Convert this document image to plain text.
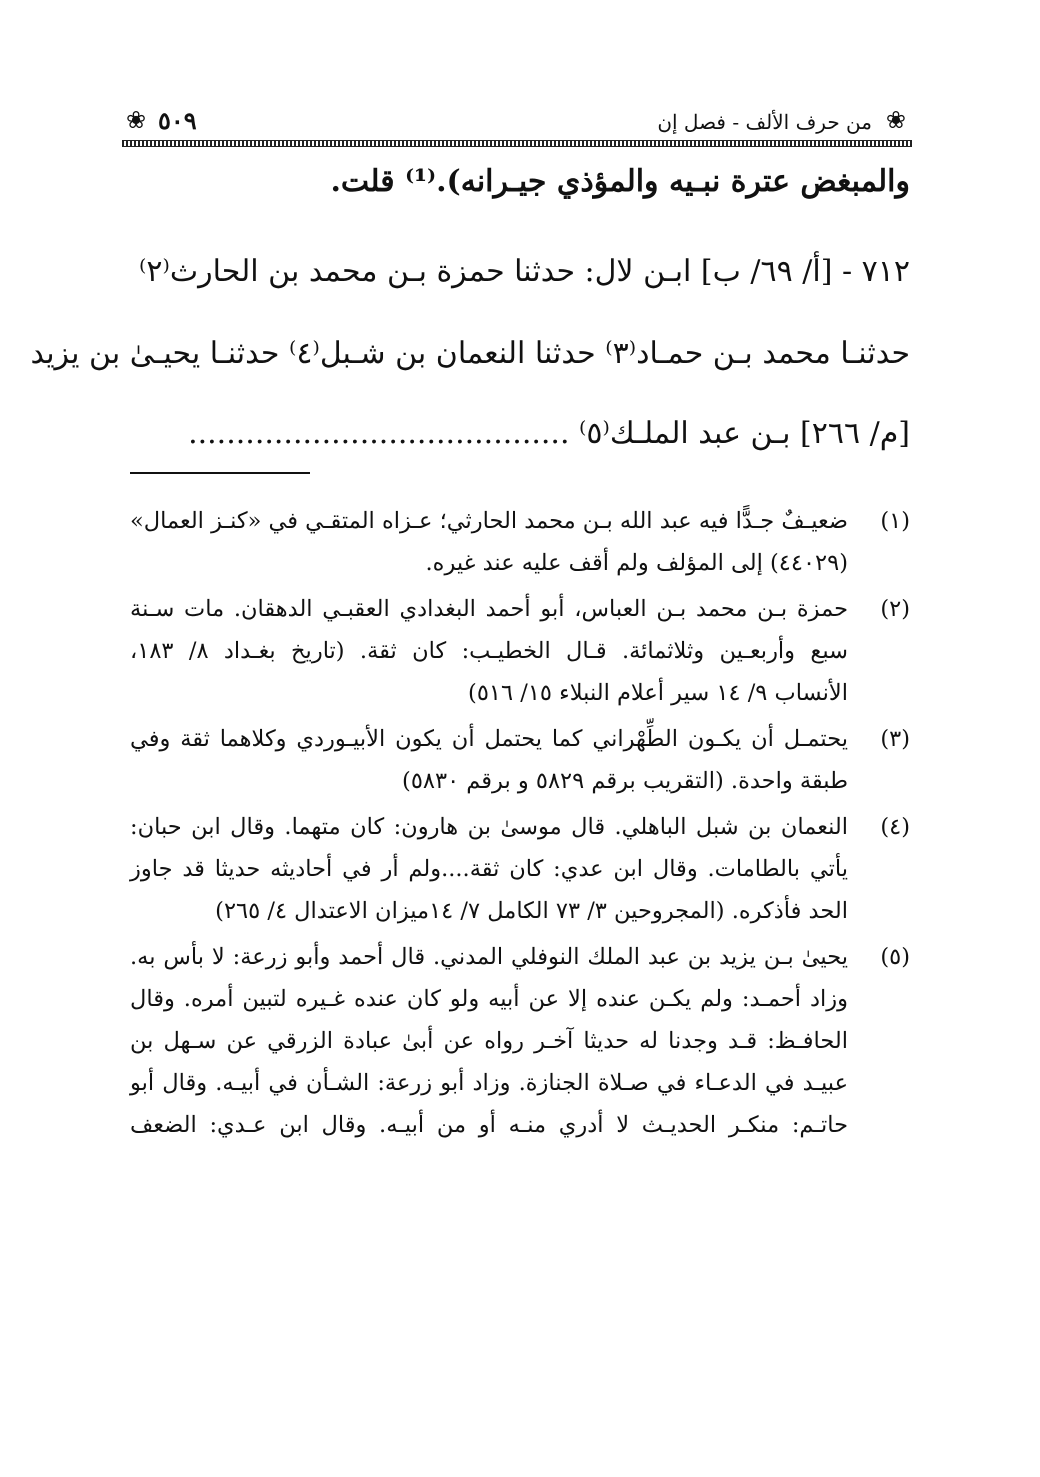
❀
من حرف الألف - فصل إن
٥٠٩
❀
والمبغض عترة نبـيه والمؤذي جيـرانه).⁽¹⁾ قلت.
٧١٢ - [أ/ ٦٩/ ب] ابـن لال: حدثنا حمزة بـن محمد بن الحارث⁽٢⁾
حدثنـا محمد بـن حمـاد⁽٣⁾ حدثنا النعمان بن شـبل⁽٤⁾ حدثنـا يحيـىٰ بن يزيد
[م/ ٢٦٦] بـن عبد الملـك⁽٥⁾ ........................................
(١)
ضعيـفٌ جـدًّا فيه عبد الله بـن محمد الحارثي؛ عـزاه المتقـي في «كنـز العمال»
(٤٤٠٢٩) إلى المؤلف ولم أقف عليه عند غيره.
(٢)
حمزة بـن محمد بـن العباس، أبو أحمد البغدادي العقبـي الدهقان. مات سـنة
سبع وأربعـين وثلاثمائة. قـال الخطيـب: كان ثقة. (تاريخ بغـداد ٨/ ١٨٣،
الأنساب ٩/ ١٤ سير أعلام النبلاء ١٥/ ٥١٦)
(٣)
يحتمـل أن يكـون الطِّهْراني كما يحتمل أن يكون الأبيـوردي وكلاهما ثقة وفي
طبقة واحدة. (التقريب برقم ٥٨٢٩ و برقم ٥٨٣٠)
(٤)
النعمان بن شبل الباهلي. قال موسىٰ بن هارون: كان متهما. وقال ابن حبان:
يأتي بالطامات. وقال ابن عدي: كان ثقة....ولم أر في أحاديثه حديثا قد جاوز
الحد فأذكره. (المجروحين ٣/ ٧٣ الكامل ٧/ ١٤ميزان الاعتدال ٤/ ٢٦٥)
(٥)
يحيىٰ بـن يزيد بن عبد الملك النوفلي المدني. قال أحمد وأبو زرعة: لا بأس به.
وزاد أحمـد: ولم يكـن عنده إلا عن أبيه ولو كان عنده غـيره لتبين أمره. وقال
الحافـظ: قـد وجدنا له حديثا آخـر رواه عن أبىٰ عبادة الزرقي عن سـهل بن
عبيـد في الدعـاء في صـلاة الجنازة. وزاد أبو زرعة: الشـأن في أبيـه. وقال أبو
حاتـم: منكـر الحديـث لا أدري منـه أو من أبيـه. وقال ابن عـدي: الضعف
